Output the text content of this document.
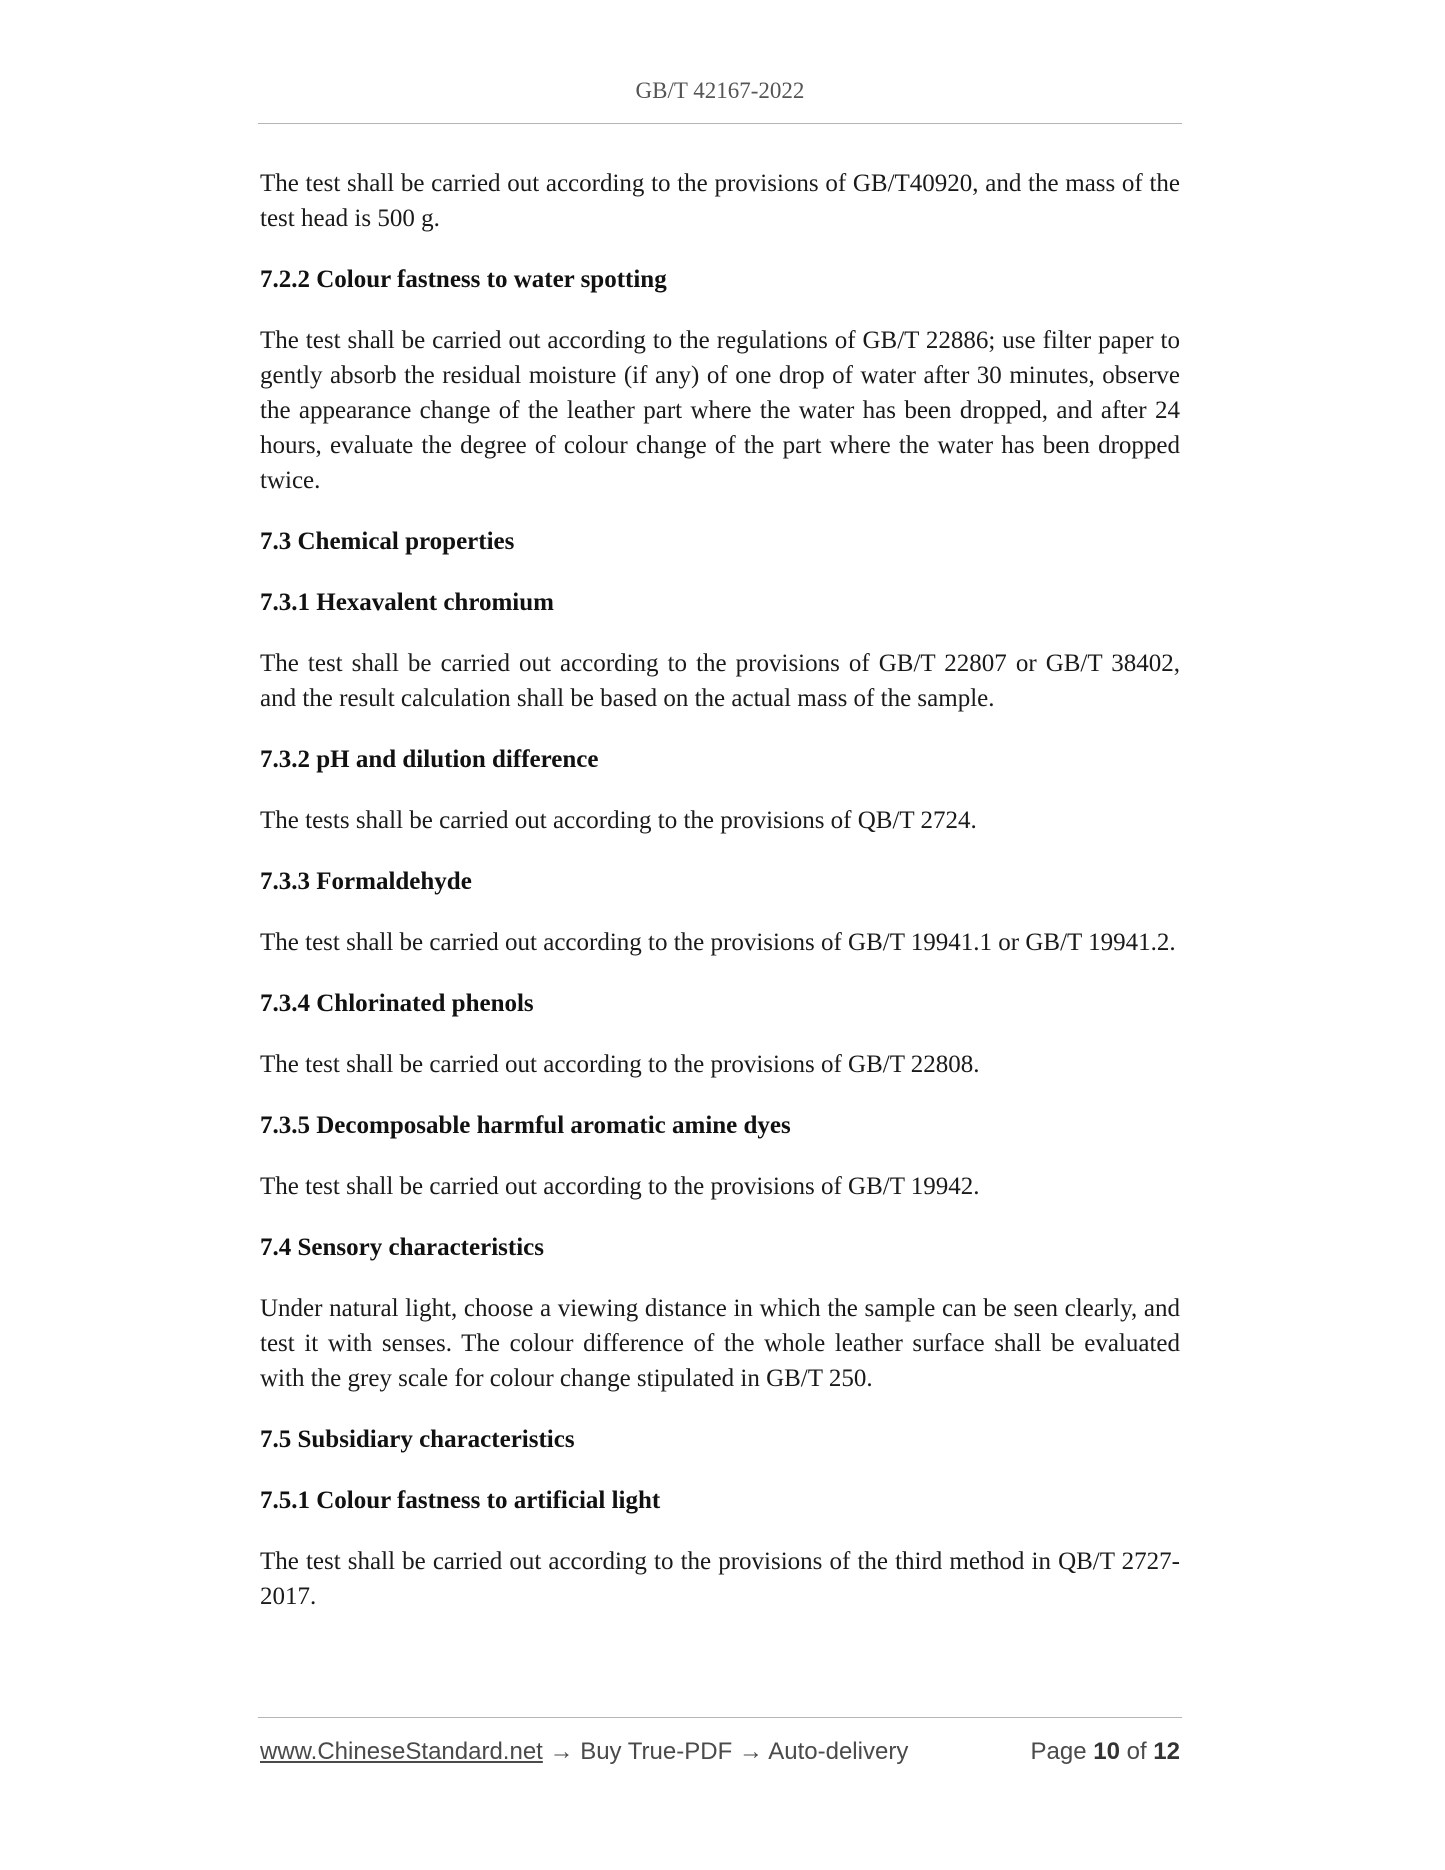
GB/T 42167-2022

The test shall be carried out according to the provisions of GB/T40920, and the mass of the test head is 500 g.

7.2.2 Colour fastness to water spotting

The test shall be carried out according to the regulations of GB/T 22886; use filter paper to gently absorb the residual moisture (if any) of one drop of water after 30 minutes, observe the appearance change of the leather part where the water has been dropped, and after 24 hours, evaluate the degree of colour change of the part where the water has been dropped twice.

7.3 Chemical properties
7.3.1 Hexavalent chromium

The test shall be carried out according to the provisions of GB/T 22807 or GB/T 38402, and the result calculation shall be based on the actual mass of the sample.

7.3.2 pH and dilution difference

The tests shall be carried out according to the provisions of QB/T 2724.

7.3.3 Formaldehyde

The test shall be carried out according to the provisions of GB/T 19941.1 or GB/T 19941.2.

7.3.4 Chlorinated phenols

The test shall be carried out according to the provisions of GB/T 22808.

7.3.5 Decomposable harmful aromatic amine dyes

The test shall be carried out according to the provisions of GB/T 19942.

7.4 Sensory characteristics

Under natural light, choose a viewing distance in which the sample can be seen clearly, and test it with senses. The colour difference of the whole leather surface shall be evaluated with the grey scale for colour change stipulated in GB/T 250.

7.5 Subsidiary characteristics
7.5.1 Colour fastness to artificial light

The test shall be carried out according to the provisions of the third method in QB/T 2727-2017.

www.ChineseStandard.net → Buy True-PDF → Auto-delivery	Page 10 of 12
